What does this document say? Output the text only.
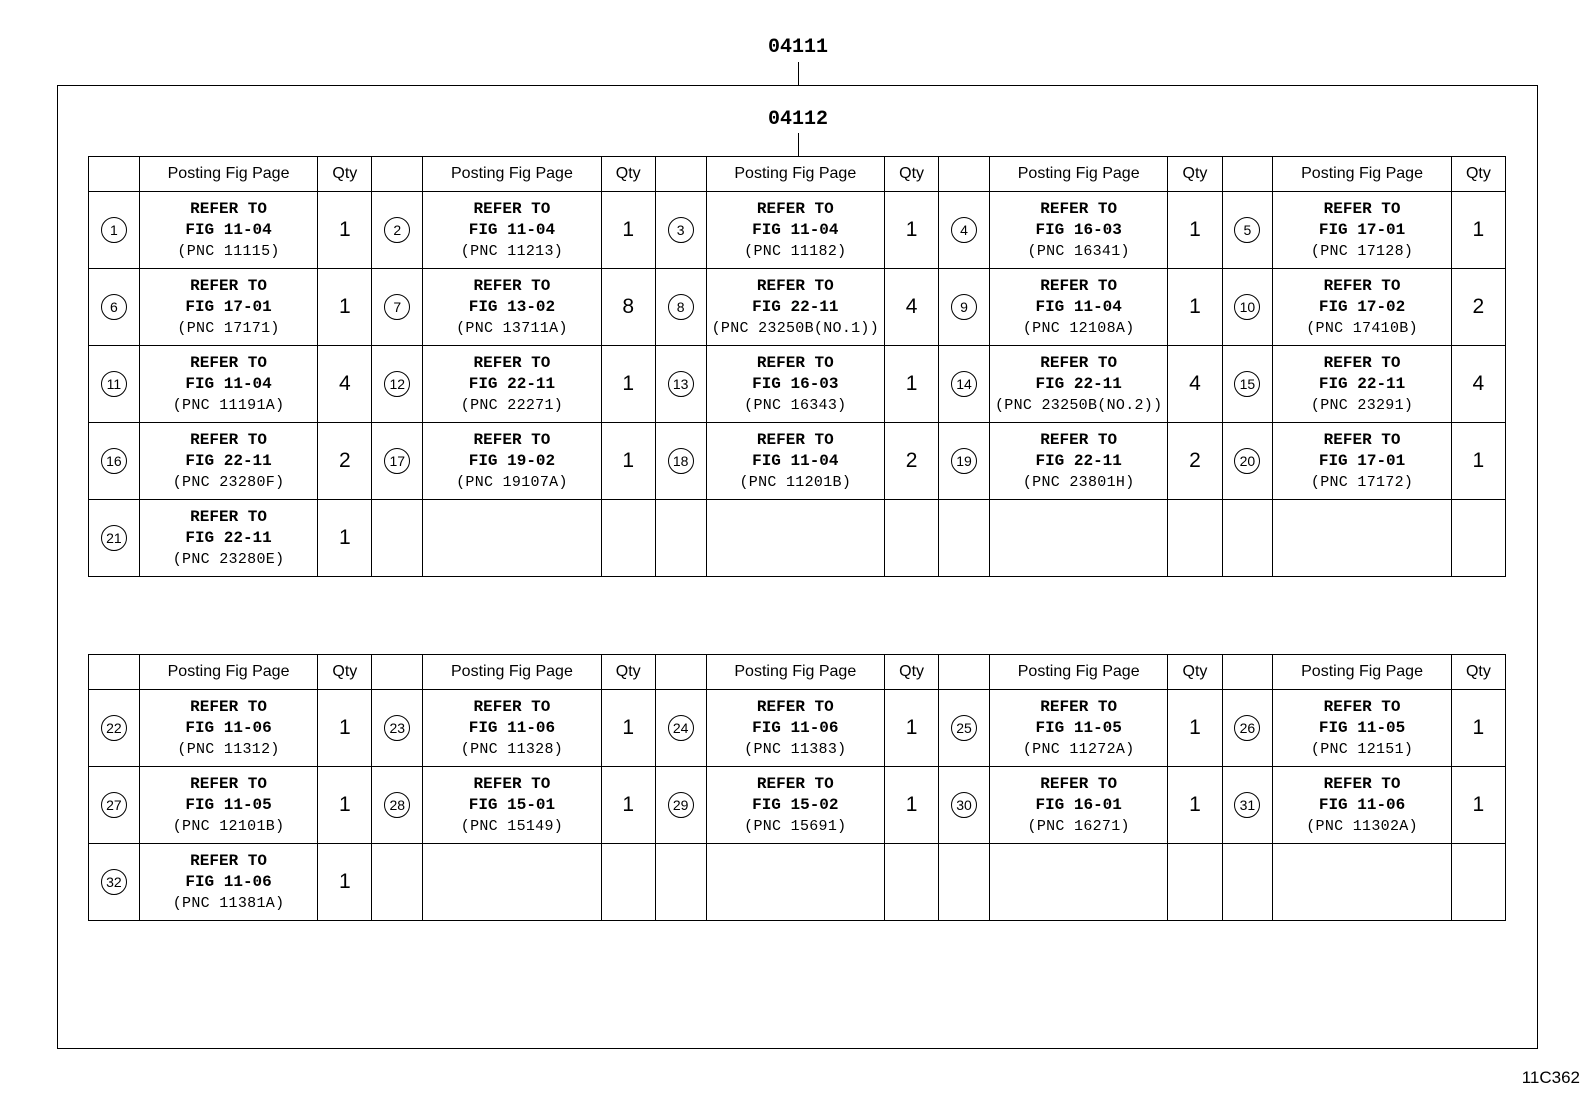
04111
04112
	Posting Fig Page	Qty		Posting Fig Page	Qty		Posting Fig Page	Qty		Posting Fig Page	Qty		Posting Fig Page	Qty
1	REFER TO
FIG 11-04
(PNC 11115)	1	2	REFER TO
FIG 11-04
(PNC 11213)	1	3	REFER TO
FIG 11-04
(PNC 11182)	1	4	REFER TO
FIG 16-03
(PNC 16341)	1	5	REFER TO
FIG 17-01
(PNC 17128)	1
6	REFER TO
FIG 17-01
(PNC 17171)	1	7	REFER TO
FIG 13-02
(PNC 13711A)	8	8	REFER TO
FIG 22-11
(PNC 23250B(NO.1))	4	9	REFER TO
FIG 11-04
(PNC 12108A)	1	10	REFER TO
FIG 17-02
(PNC 17410B)	2
11	REFER TO
FIG 11-04
(PNC 11191A)	4	12	REFER TO
FIG 22-11
(PNC 22271)	1	13	REFER TO
FIG 16-03
(PNC 16343)	1	14	REFER TO
FIG 22-11
(PNC 23250B(NO.2))	4	15	REFER TO
FIG 22-11
(PNC 23291)	4
16	REFER TO
FIG 22-11
(PNC 23280F)	2	17	REFER TO
FIG 19-02
(PNC 19107A)	1	18	REFER TO
FIG 11-04
(PNC 11201B)	2	19	REFER TO
FIG 22-11
(PNC 23801H)	2	20	REFER TO
FIG 17-01
(PNC 17172)	1
21	REFER TO
FIG 22-11
(PNC 23280E)	1												
	Posting Fig Page	Qty		Posting Fig Page	Qty		Posting Fig Page	Qty		Posting Fig Page	Qty		Posting Fig Page	Qty
22	REFER TO
FIG 11-06
(PNC 11312)	1	23	REFER TO
FIG 11-06
(PNC 11328)	1	24	REFER TO
FIG 11-06
(PNC 11383)	1	25	REFER TO
FIG 11-05
(PNC 11272A)	1	26	REFER TO
FIG 11-05
(PNC 12151)	1
27	REFER TO
FIG 11-05
(PNC 12101B)	1	28	REFER TO
FIG 15-01
(PNC 15149)	1	29	REFER TO
FIG 15-02
(PNC 15691)	1	30	REFER TO
FIG 16-01
(PNC 16271)	1	31	REFER TO
FIG 11-06
(PNC 11302A)	1
32	REFER TO
FIG 11-06
(PNC 11381A)	1												
11C362
